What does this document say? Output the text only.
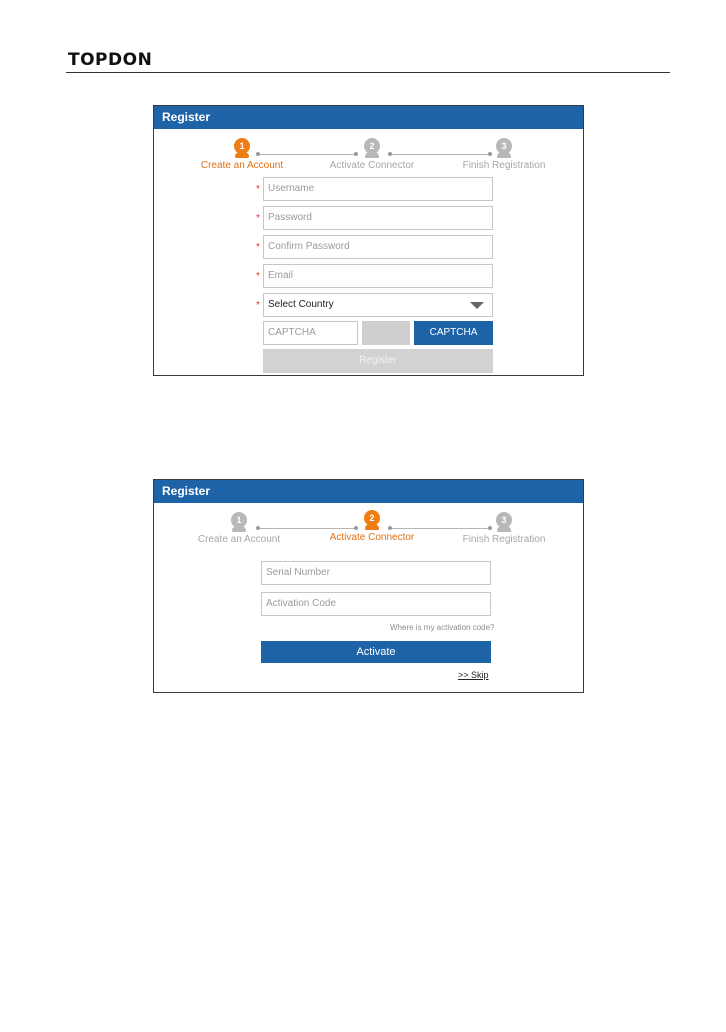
TOPDON
Register
1
Create an Account
2
Activate Connector
3
Finish Registration
* Username
* Password
* Confirm Password
* Email
* Select Country
CAPTCHA	CAPTCHA
Register
Register
1
Create an Account
2
Activate Connector
3
Finish Registration
Serial Number
Activation Code
Where is my activation code?
Activate
>> Skip
